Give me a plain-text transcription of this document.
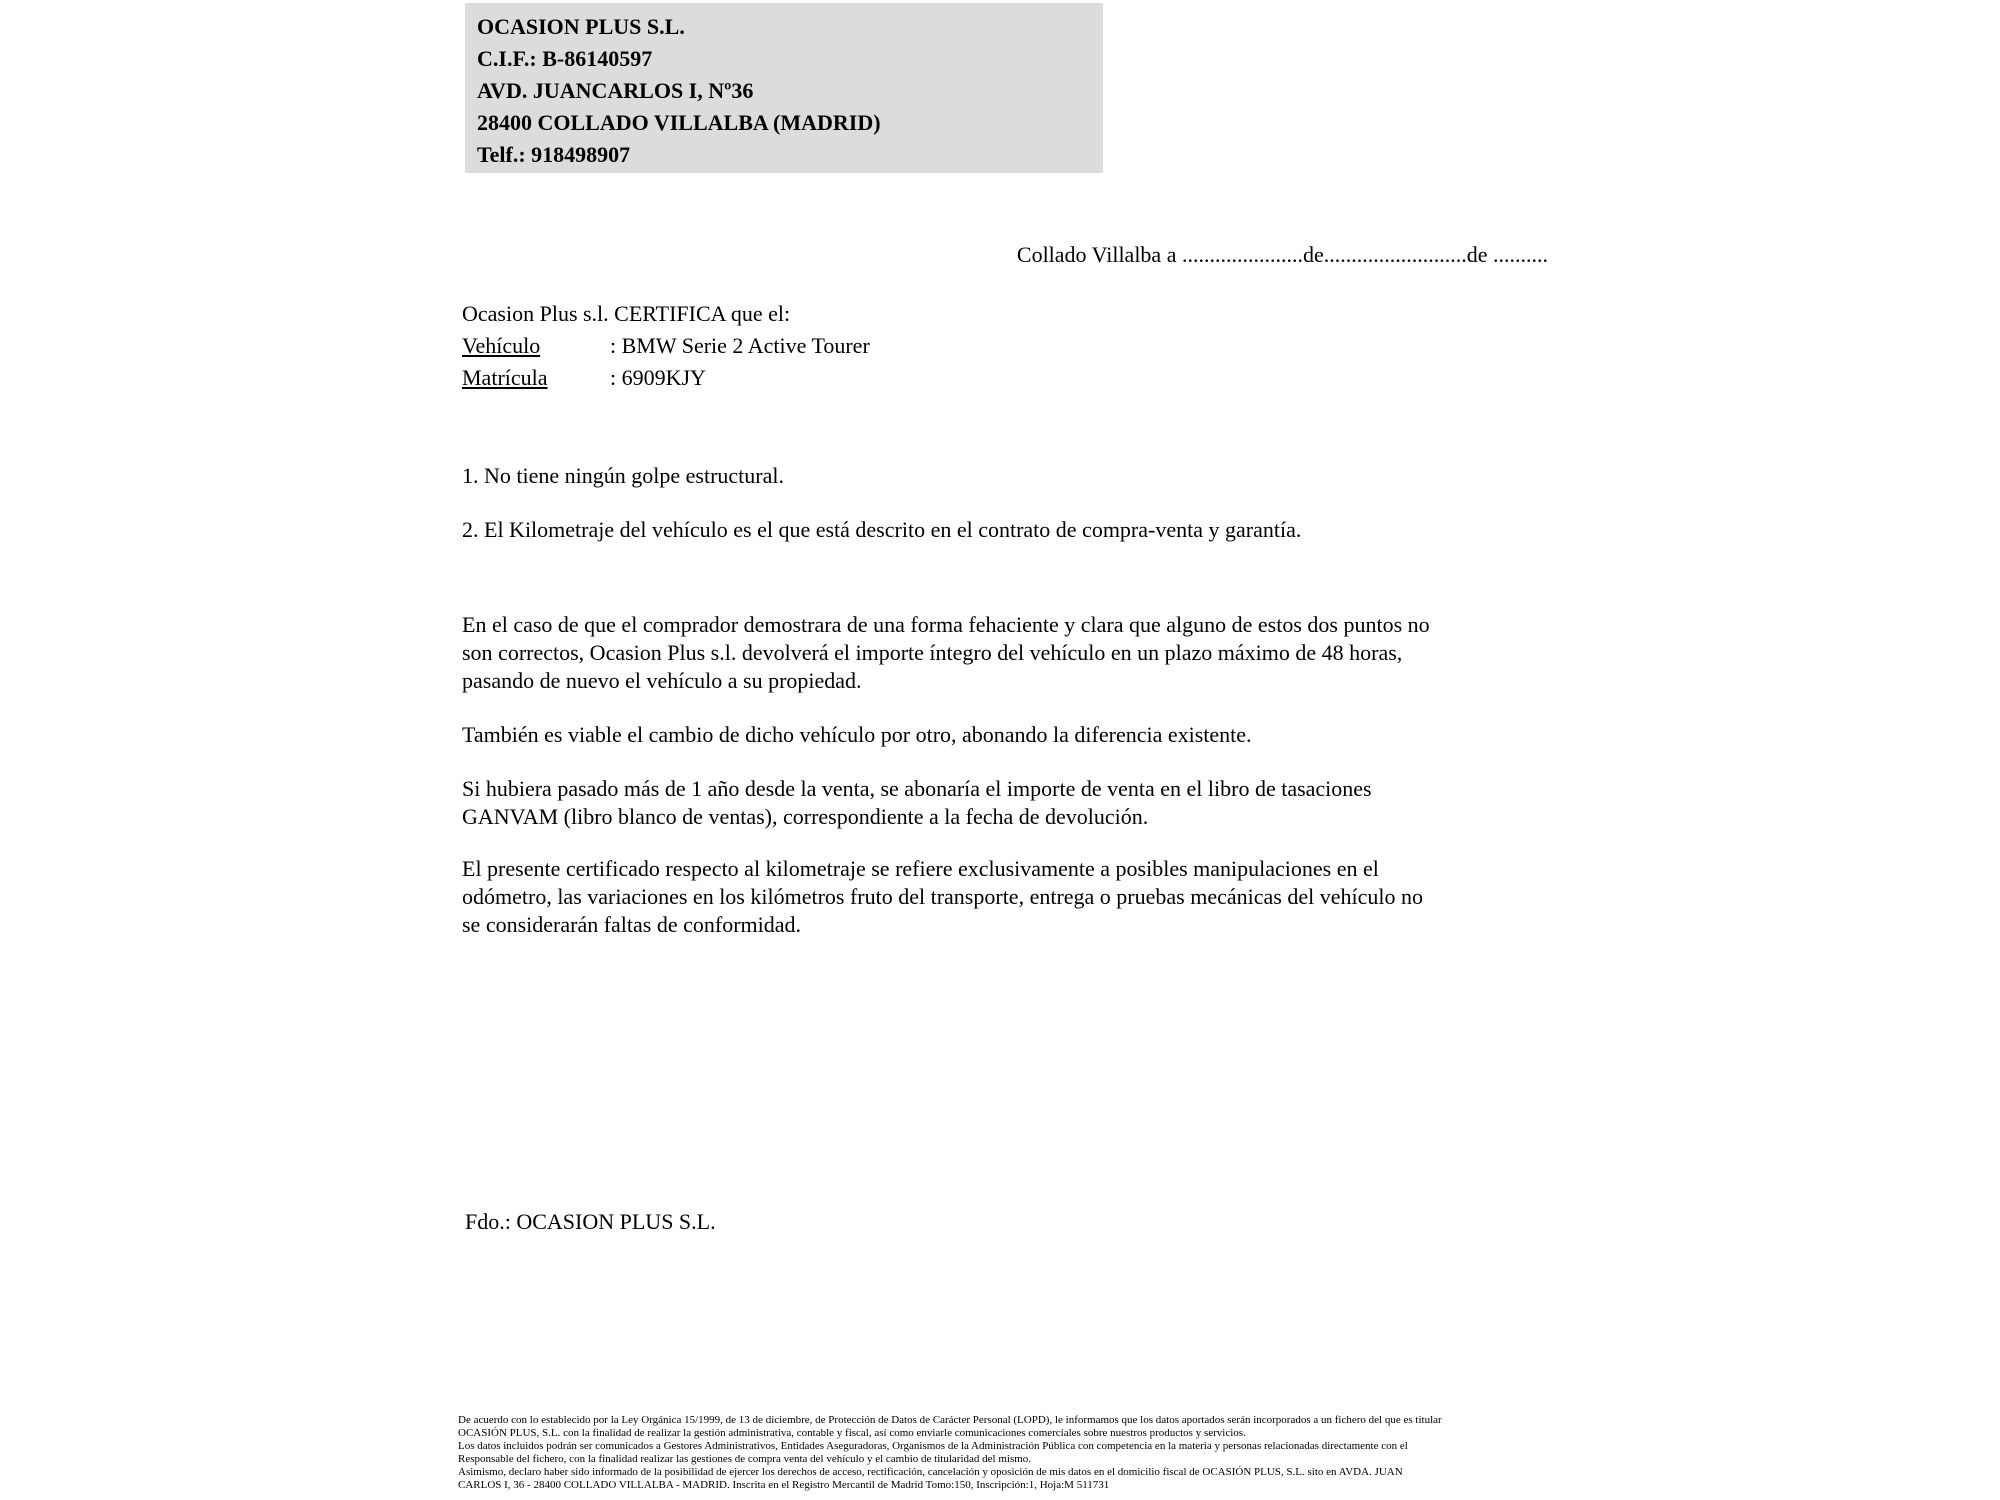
OCASION PLUS S.L.
C.I.F.: B-86140597
AVD. JUANCARLOS I, Nº36
28400 COLLADO VILLALBA (MADRID)
Telf.: 918498907
Collado Villalba a ......................de..........................de ..........
Ocasion Plus s.l. CERTIFICA que el:
Vehículo	: BMW Serie 2 Active Tourer
Matrícula	: 6909KJY
1. No tiene ningún golpe estructural.
2. El Kilometraje del vehículo es el que está descrito en el contrato de compra-venta y garantía.
En el caso de que el comprador demostrara de una forma fehaciente y clara que alguno de estos dos puntos no
son correctos, Ocasion Plus s.l. devolverá el importe íntegro del vehículo en un plazo máximo de 48 horas,
pasando de nuevo el vehículo a su propiedad.
También es viable el cambio de dicho vehículo por otro, abonando la diferencia existente.
Si hubiera pasado más de 1 año desde la venta, se abonaría el importe de venta en el libro de tasaciones
GANVAM (libro blanco de ventas), correspondiente a la fecha de devolución.
El presente certificado respecto al kilometraje se refiere exclusivamente a posibles manipulaciones en el
odómetro, las variaciones en los kilómetros fruto del transporte, entrega o pruebas mecánicas del vehículo no
se considerarán faltas de conformidad.
Fdo.: OCASION PLUS S.L.
De acuerdo con lo establecido por la Ley Orgánica 15/1999, de 13 de diciembre, de Protección de Datos de Carácter Personal (LOPD), le informamos que los datos aportados serán incorporados a un fichero del que es titular
OCASIÓN PLUS, S.L. con la finalidad de realizar la gestión administrativa, contable y fiscal, así como enviarle comunicaciones comerciales sobre nuestros productos y servicios.
Los datos incluidos podrán ser comunicados a Gestores Administrativos, Entidades Aseguradoras, Organismos de la Administración Pública con competencia en la materia y personas relacionadas directamente con el
Responsable del fichero, con la finalidad realizar las gestiones de compra venta del vehículo y el cambio de titularidad del mismo.
Asimismo, declaro haber sido informado de la posibilidad de ejercer los derechos de acceso, rectificación, cancelación y oposición de mis datos en el domicilio fiscal de OCASIÓN PLUS, S.L. sito en AVDA. JUAN
CARLOS I, 36 - 28400 COLLADO VILLALBA - MADRID. Inscrita en el Registro Mercantil de Madrid Tomo:150, Inscripción:1, Hoja:M 511731
